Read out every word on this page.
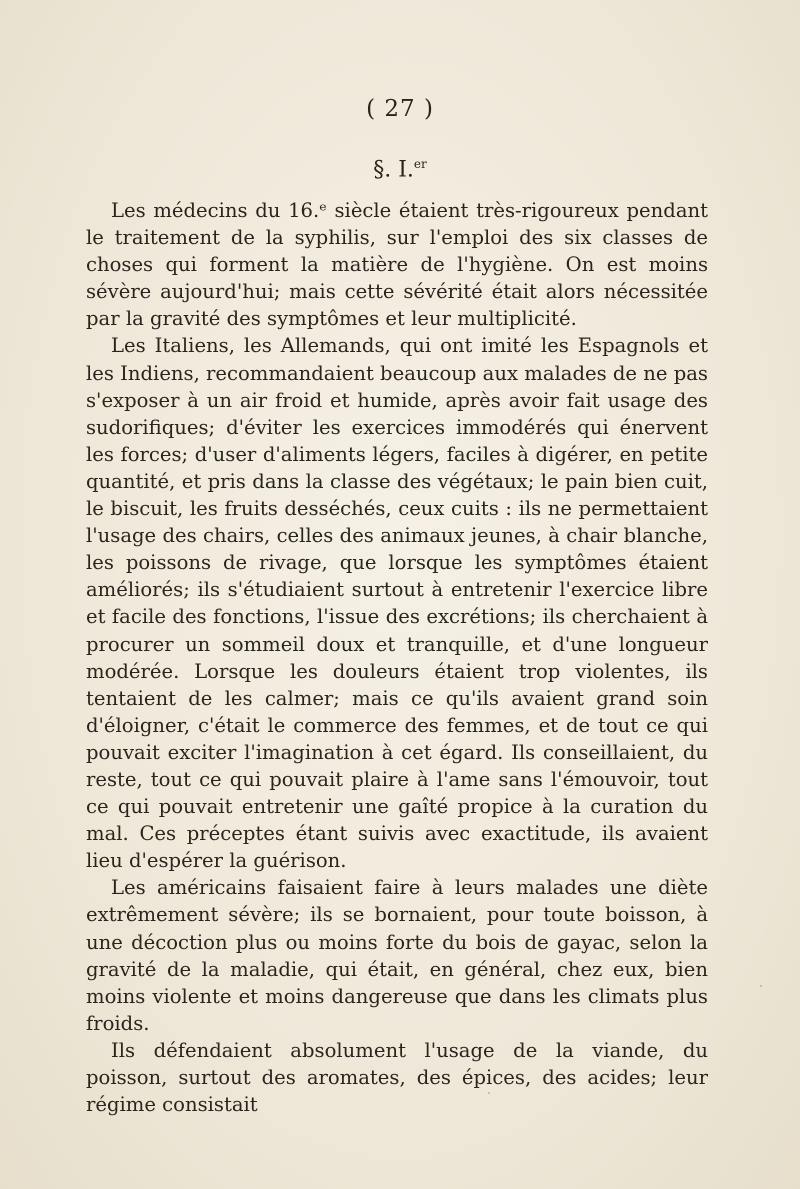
( 27 )
§. I.$^{er}$

Les médecins du 16.ᵉ siècle étaient très-rigoureux pendant le traitement de la syphilis, sur l'emploi des six classes de choses qui forment la matière de l'hygiène. On est moins sévère aujourd'hui; mais cette sévérité était alors nécessitée par la gravité des symptômes et leur multiplicité.

Les Italiens, les Allemands, qui ont imité les Espagnols et les Indiens, recommandaient beaucoup aux malades de ne pas s'exposer à un air froid et humide, après avoir fait usage des sudorifiques; d'éviter les exercices immodérés qui énervent les forces; d'user d'aliments légers, faciles à digérer, en petite quantité, et pris dans la classe des végétaux; le pain bien cuit, le biscuit, les fruits desséchés, ceux cuits : ils ne permettaient l'usage des chairs, celles des animaux jeunes, à chair blanche, les poissons de rivage, que lorsque les symptômes étaient améliorés; ils s'étudiaient surtout à entretenir l'exercice libre et facile des fonctions, l'issue des excrétions; ils cherchaient à procurer un sommeil doux et tranquille, et d'une longueur modérée. Lorsque les douleurs étaient trop violentes, ils tentaient de les calmer; mais ce qu'ils avaient grand soin d'éloigner, c'était le commerce des femmes, et de tout ce qui pouvait exciter l'imagination à cet égard. Ils conseillaient, du reste, tout ce qui pouvait plaire à l'ame sans l'émouvoir, tout ce qui pouvait entretenir une gaîté propice à la curation du mal. Ces préceptes étant suivis avec exactitude, ils avaient lieu d'espérer la guérison.

Les américains faisaient faire à leurs malades une diète extrêmement sévère; ils se bornaient, pour toute boisson, à une décoction plus ou moins forte du bois de gayac, selon la gravité de la maladie, qui était, en général, chez eux, bien moins violente et moins dangereuse que dans les climats plus froids.

Ils défendaient absolument l'usage de la viande, du poisson, surtout des aromates, des épices, des acides; leur régime consistait
